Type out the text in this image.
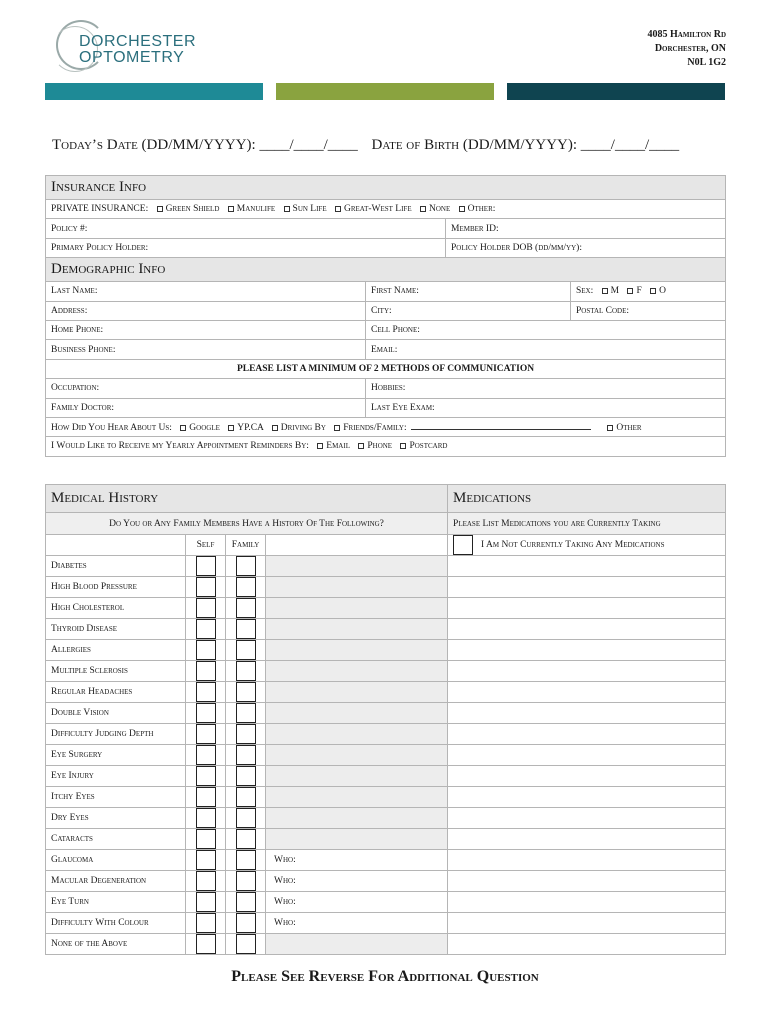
DORCHESTER
OPTOMETRY
4085 Hamilton Rd
Dorchester, ON
N0L 1G2
Today’s Date (DD/MM/YYYY): ____/____/____ Date of Birth (DD/MM/YYYY): ____/____/____
Insurance Info			
PRIVATE INSURANCE: Green Shield Manulife Sun Life Great-West Life None Other:			
Policy #:		Member ID:	
Primary Policy Holder:		Policy Holder DOB (dd/mm/yy):	
Demographic Info			
Last Name:	First Name:		Sex: M F O
Address:	City:		Postal Code:
Home Phone:	Cell Phone:		
Business Phone:	Email:		
PLEASE LIST A MINIMUM OF 2 METHODS OF COMMUNICATION			
Occupation:	Hobbies:		
Family Doctor:	Last Eye Exam:		
How Did You Hear About Us: Google YP.CA Driving By Friends/Family: Other			
I Would Like to Receive my Yearly Appointment Reminders By: Email Phone Postcard			
Medical History				Medications
Do You or Any Family Members Have a History Of The Following?				Please List Medications you are Currently Taking
	Self	Family		I Am Not Currently Taking Any Medications
Diabetes	

High Blood Pressure	

High Cholesterol	

Thyroid Disease	

Allergies	

Multiple Sclerosis	

Regular Headaches	

Double Vision	

Difficulty Judging Depth	

Eye Surgery	

Eye Injury	

Itchy Eyes	

Dry Eyes	

Cataracts	

Glaucoma			Who:	
Macular Degeneration			Who:	
Eye Turn			Who:	
Difficulty With Colour			Who:	
None of the Above	

Please See Reverse For Additional Question
